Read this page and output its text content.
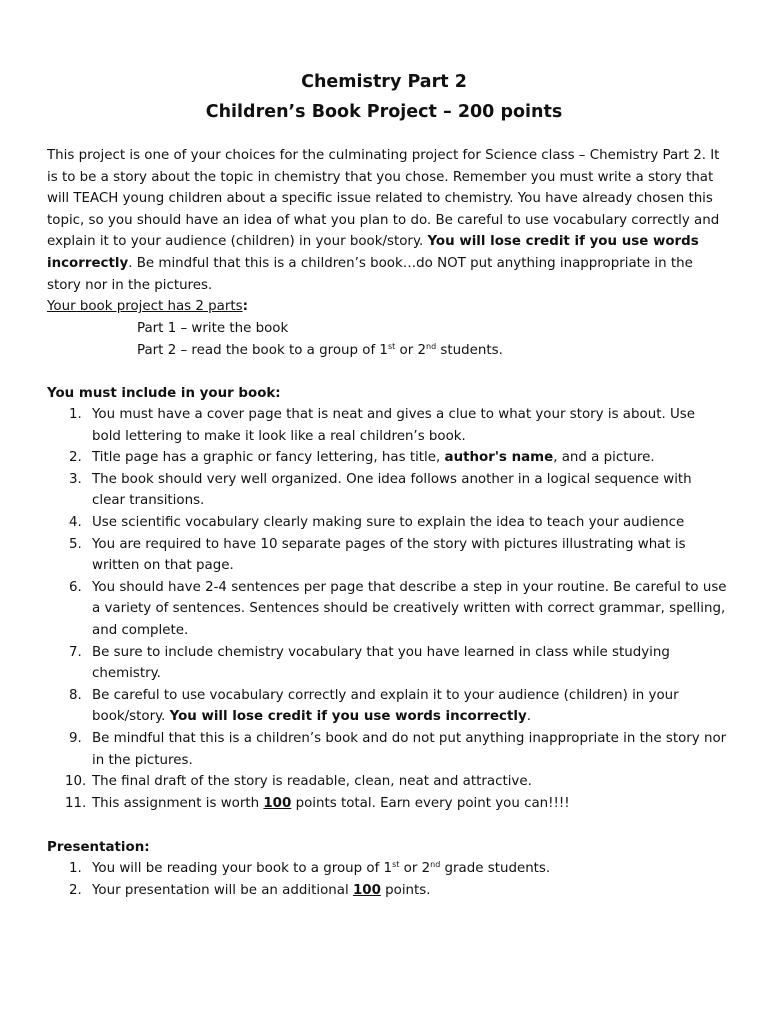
Chemistry Part 2
Children’s Book Project – 200 points

This project is one of your choices for the culminating project for Science class – Chemistry Part 2. It is to be a story about the topic in chemistry that you chose. Remember you must write a story that will TEACH young children about a specific issue related to chemistry. You have already chosen this topic, so you should have an idea of what you plan to do. Be careful to use vocabulary correctly and explain it to your audience (children) in your book/story. You will lose credit if you use words incorrectly. Be mindful that this is a children’s book…do NOT put anything inappropriate in the story nor in the pictures.

Your book project has 2 parts:

Part 1 – write the book
Part 2 – read the book to a group of 1st or 2nd students.
You must include in your book:
1. You must have a cover page that is neat and gives a clue to what your story is about. Use bold lettering to make it look like a real children’s book.
2. Title page has a graphic or fancy lettering, has title, author's name, and a picture.
3. The book should very well organized. One idea follows another in a logical sequence with clear transitions.
4. Use scientific vocabulary clearly making sure to explain the idea to teach your audience
5. You are required to have 10 separate pages of the story with pictures illustrating what is written on that page.
6. You should have 2-4 sentences per page that describe a step in your routine. Be careful to use a variety of sentences. Sentences should be creatively written with correct grammar, spelling, and complete.
7. Be sure to include chemistry vocabulary that you have learned in class while studying chemistry.
8. Be careful to use vocabulary correctly and explain it to your audience (children) in your book/story. You will lose credit if you use words incorrectly.
9. Be mindful that this is a children’s book and do not put anything inappropriate in the story nor in the pictures.
10. The final draft of the story is readable, clean, neat and attractive.
11. This assignment is worth 100 points total. Earn every point you can!!!!
Presentation:
1. You will be reading your book to a group of 1st or 2nd grade students.
2. Your presentation will be an additional 100 points.
